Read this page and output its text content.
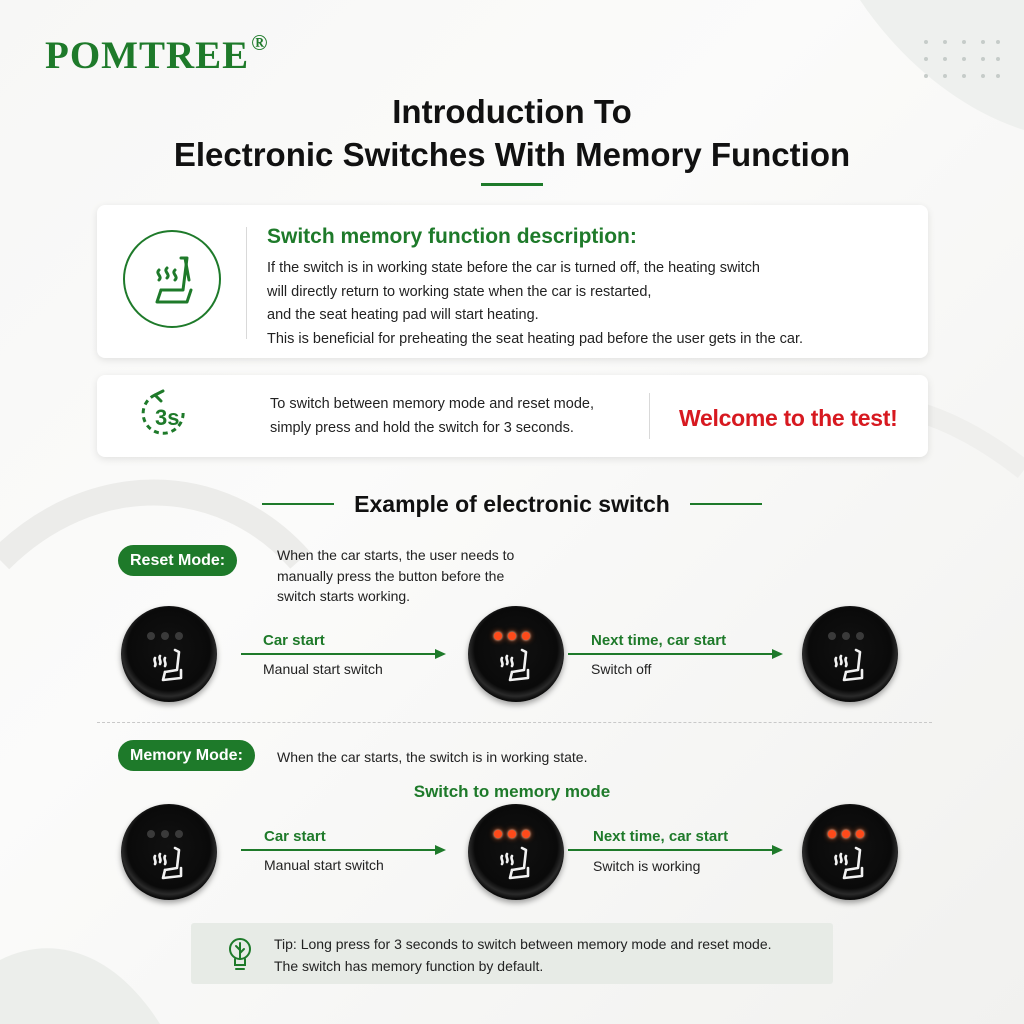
POMTREE®
Introduction To
Electronic Switches With Memory Function
Switch memory function description:
If the switch is in working state before the car is turned off, the heating switch
will directly return to working state when the car is restarted,
and the seat heating pad will start heating.
This is beneficial for preheating the seat heating pad before the user gets in the car.
3s
To switch between memory mode and reset mode,
simply press and hold the switch for 3 seconds.	Welcome to the test!
Example of electronic switch
Reset Mode:	When the car starts, the user needs to
manually press the button before the
switch starts working.
Car start
Manual start switch
Next time, car start
Switch off
Memory Mode:	When the car starts, the switch is in working state.
Switch to memory mode
Car start
Manual start switch
Next time, car start
Switch is working
Tip: Long press for 3 seconds to switch between memory mode and reset mode.
The switch has memory function by default.
